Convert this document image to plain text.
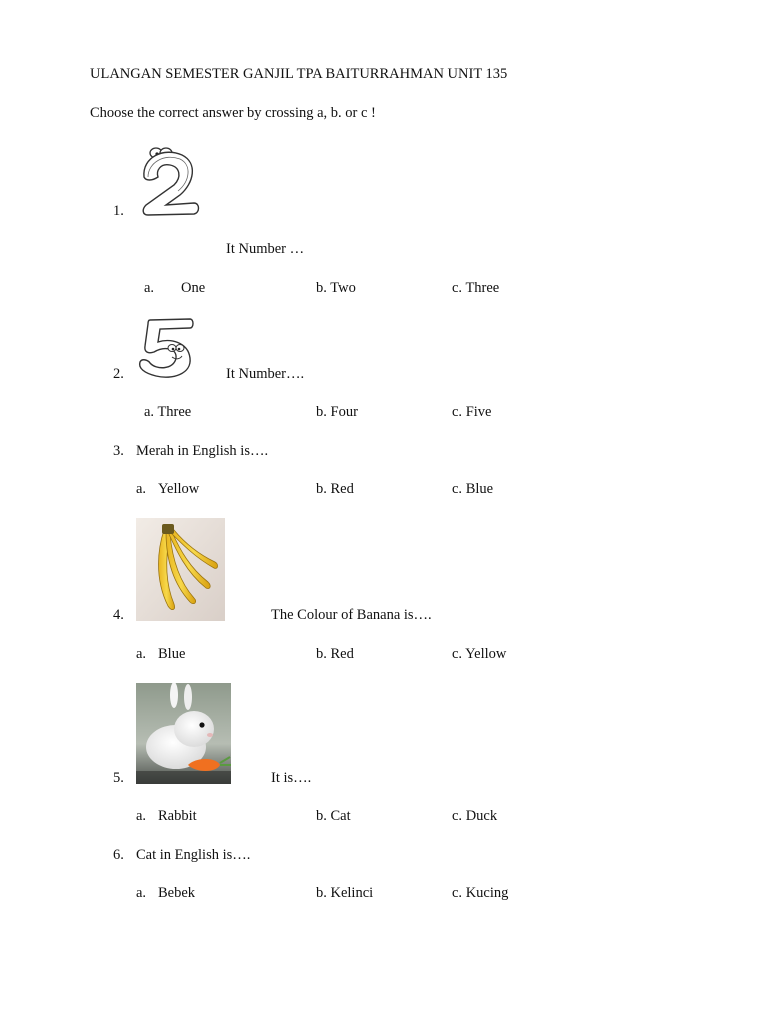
ULANGAN SEMESTER GANJIL TPA BAITURRAHMAN UNIT 135
Choose the correct answer by crossing a, b. or c !
1.
It Number …
a. One	b. Two	c. Three
2.	It Number….
a. Three	b. Four	c. Five
3. Merah in English is….
a. Yellow	b. Red	c. Blue
4.	The Colour of Banana is….
a. Blue	b. Red	c. Yellow
5.	It is….
a. Rabbit	b. Cat	c. Duck
6. Cat in English is….
a. Bebek	b. Kelinci	c. Kucing
